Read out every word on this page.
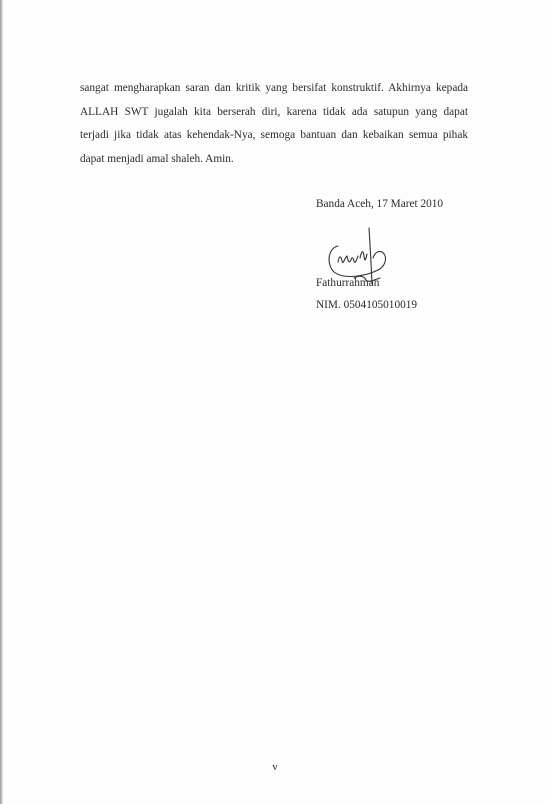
sangat mengharapkan saran dan kritik yang bersifat konstruktif. Akhirnya kepada
ALLAH SWT jugalah kita berserah diri, karena tidak ada satupun yang dapat
terjadi jika tidak atas kehendak-Nya, semoga bantuan dan kebaikan semua pihak
dapat menjadi amal shaleh. Amin.
Banda Aceh, 17 Maret 2010
Fathurrahman
NIM. 0504105010019
v
